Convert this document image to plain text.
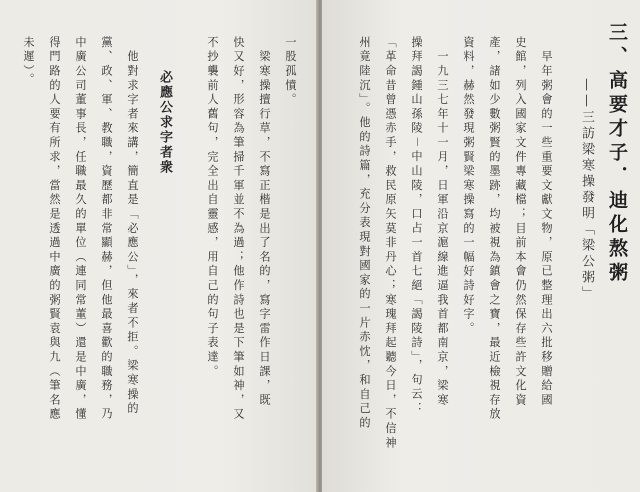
一股孤憤。
　梁寒操擅行草，不寫正楷是出了名的，寫字雷作日課，既
快又好，形容為筆掃千軍並不為過；他作詩也是下筆如神，又
不抄襲前人舊句，完全出自靈感，用自己的句子表達。
必應公求字者衆
　他對求字者來講，簡直是「必應公」，來者不拒。梁寒操的
黨、政、軍、教職，資歷都非常顯赫，但他最喜歡的職務，乃
中廣公司董事長，任職最久的單位（連同常董）還是中廣，懂
得門路的人要有所求，當然是透過中廣的粥賢袁與九（筆名應
未遲）。	三、高要才子．迪化熬粥
——三訪梁寒操發明「梁公粥」
　早年粥會的一些重要文獻文物，原已整理出六批移贈給國
史館，列入國家文件專藏檔；目前本會仍然保存些許文化資
產，諸如少數粥賢的墨跡，均被視為鎮會之寶，最近檢視存放
資料，赫然發現粥賢梁寒操寫的一幅好詩好字。
　一九三七年十一月，日軍沿京滬線進逼我首都南京，梁寒
操拜謁鍾山孫陵－中山陵，口占一首七絕「謁陵詩」，句云：
「革命昔曾憑赤手，救民原矢莫非丹心；寒瑰拜起聽今日，不信神
州竟陸沉」。他的詩篇，充分表現對國家的一片赤忱，和自己的
